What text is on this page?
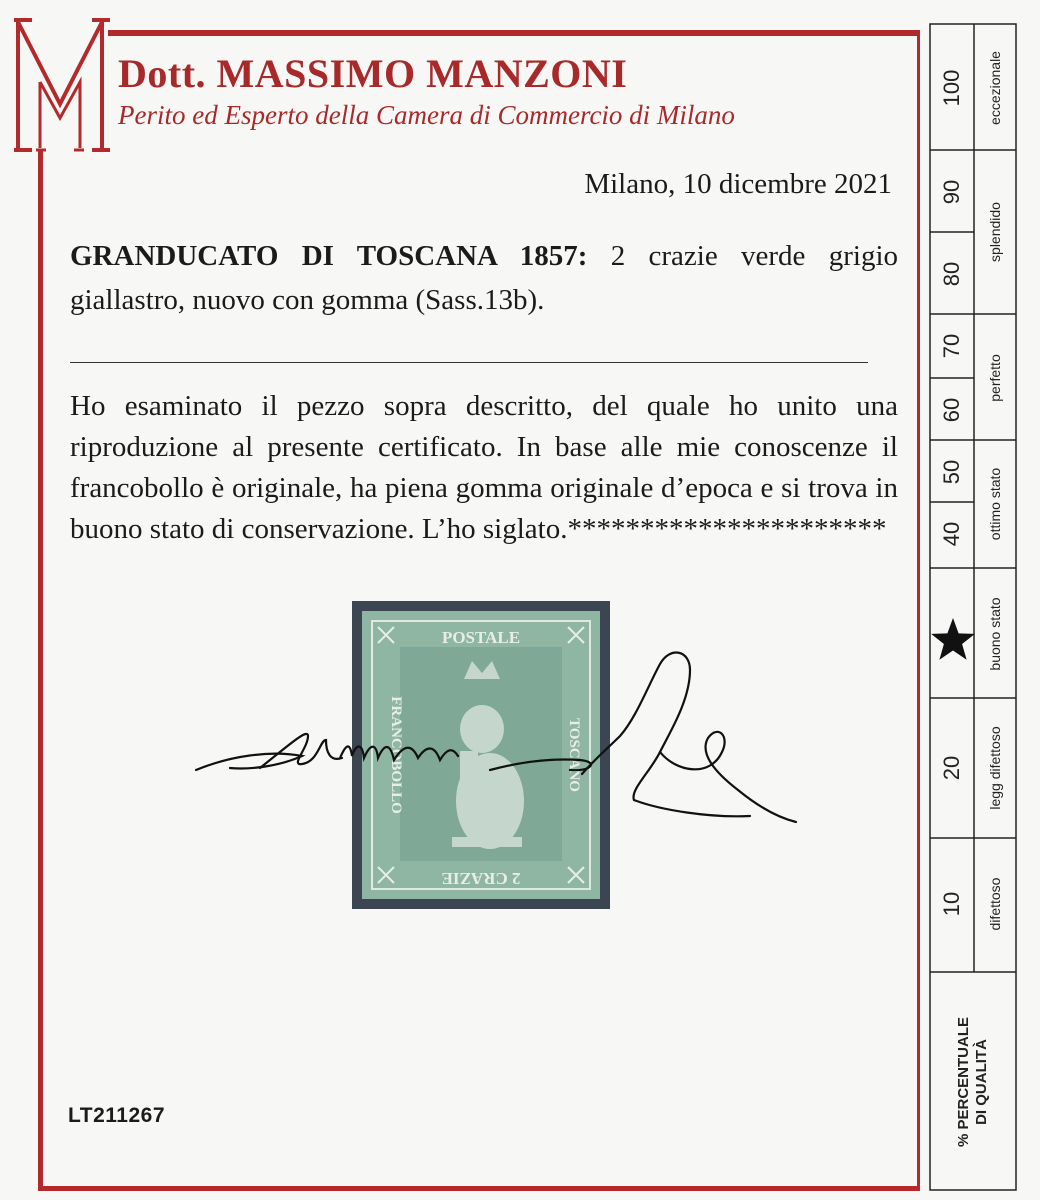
Dott. MASSIMO MANZONI
Perito ed Esperto della Camera di Commercio di Milano
Milano, 10 dicembre 2021
GRANDUCATO DI TOSCANA 1857: 2 crazie verde grigio giallastro, nuovo con gomma (Sass.13b).
Ho esaminato il pezzo sopra descritto, del quale ho unito una riproduzione al presente certificato. In base alle mie conoscenze il francobollo è originale, ha piena gomma originale d’epoca e si trova in buono stato di conservazione. L’ho siglato.**********************
POSTALE
2 CRAZIE
FRANCOBOLLO	TOSCANO
LT211267
100
90
80
70
60
50
40
20
10
eccezionale
splendido
perfetto
ottimo stato
buono stato
legg difettoso
difettoso
% PERCENTUALE DI QUALITÀ
